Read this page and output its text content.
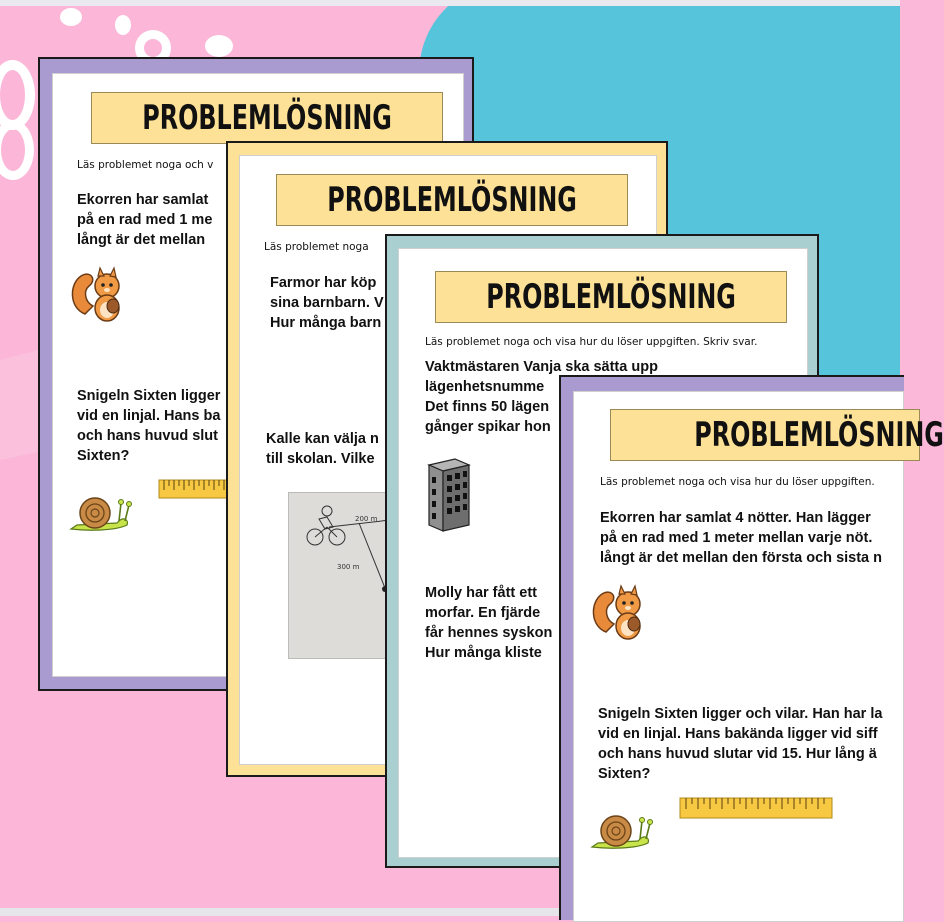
PROBLEMLÖSNING
Läs problemet noga och v
Ekorren har samlat
på en rad med 1 me
långt är det mellan
Snigeln Sixten ligger
vid en linjal. Hans ba
och hans huvud slut
Sixten?
PROBLEMLÖSNING
Läs problemet noga
Farmor har köp
sina barnbarn. V
Hur många barn
Kalle kan välja n
till skolan. Vilke
200 m
300 m
PROBLEMLÖSNING
Läs problemet noga och visa hur du löser uppgiften. Skriv svar.
Vaktmästaren Vanja ska sätta upp
lägenhetsnumme
Det finns 50 lägen
gånger spikar hon
Molly har fått ett
morfar. En fjärde
får hennes syskon
Hur många kliste
PROBLEMLÖSNING
Läs problemet noga och visa hur du löser uppgiften.
Ekorren har samlat 4 nötter. Han lägger
på en rad med 1 meter mellan varje nöt.
långt är det mellan den första och sista n
Snigeln Sixten ligger och vilar. Han har la
vid en linjal. Hans bakända ligger vid siff
och hans huvud slutar vid 15. Hur lång ä
Sixten?
